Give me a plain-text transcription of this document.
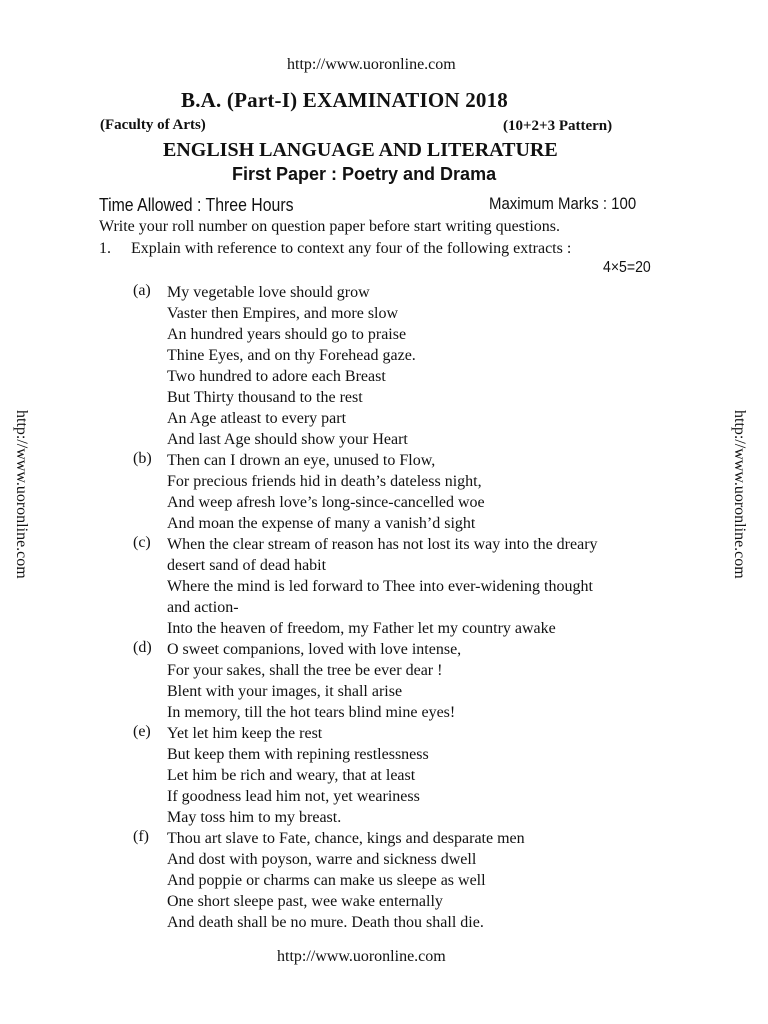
http://www.uoronline.com
http://www.uoronline.com	http://www.uoronline.com
B.A. (Part-I) EXAMINATION 2018
(Faculty of Arts)	(10+2+3 Pattern)
ENGLISH LANGUAGE AND LITERATURE
First Paper : Poetry and Drama
Time Allowed : Three Hours	Maximum Marks : 100
Write your roll number on question paper before start writing questions.
1. Explain with reference to context any four of the following extracts :
4×5=20
(a) My vegetable love should grow
Vaster then Empires, and more slow
An hundred years should go to praise
Thine Eyes, and on thy Forehead gaze.
Two hundred to adore each Breast
But Thirty thousand to the rest
An Age atleast to every part
And last Age should show your Heart
(b) Then can I drown an eye, unused to Flow,
For precious friends hid in death’s dateless night,
And weep afresh love’s long-since-cancelled woe
And moan the expense of many a vanish’d sight
(c) When the clear stream of reason has not lost its way into the dreary
desert sand of dead habit
Where the mind is led forward to Thee into ever-widening thought
and action-
Into the heaven of freedom, my Father let my country awake
(d) O sweet companions, loved with love intense,
For your sakes, shall the tree be ever dear !
Blent with your images, it shall arise
In memory, till the hot tears blind mine eyes!
(e) Yet let him keep the rest
But keep them with repining restlessness
Let him be rich and weary, that at least
If goodness lead him not, yet weariness
May toss him to my breast.
(f) Thou art slave to Fate, chance, kings and desparate men
And dost with poyson, warre and sickness dwell
And poppie or charms can make us sleepe as well
One short sleepe past, wee wake enternally
And death shall be no mure. Death thou shall die.
http://www.uoronline.com
